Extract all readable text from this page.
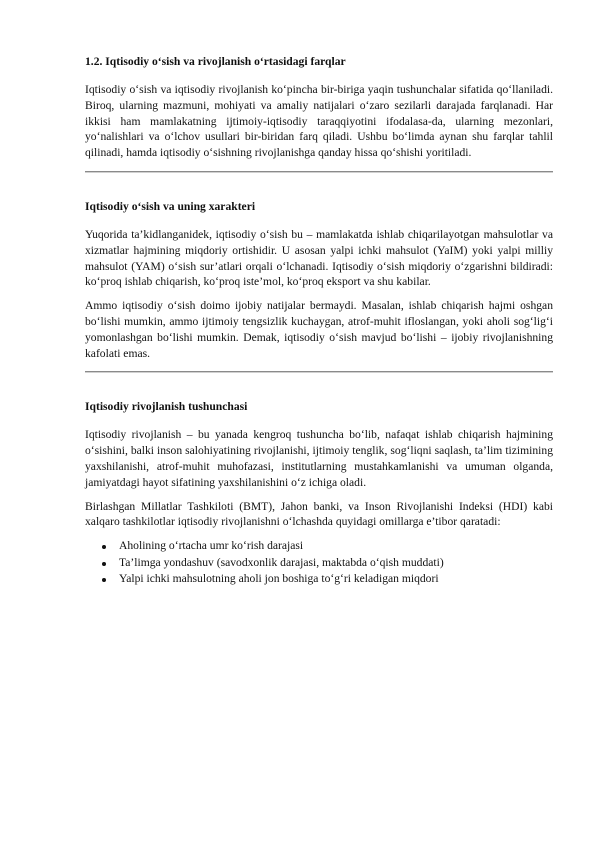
1.2. Iqtisodiy o‘sish va rivojlanish o‘rtasidagi farqlar

Iqtisodiy o‘sish va iqtisodiy rivojlanish ko‘pincha bir-biriga yaqin tushunchalar sifatida qo‘llaniladi. Biroq, ularning mazmuni, mohiyati va amaliy natijalari o‘zaro sezilarli darajada farqlanadi. Har ikkisi ham mamlakatning ijtimoiy-iqtisodiy taraqqiyotini ifodalasa-da, ularning mezonlari, yo‘nalishlari va o‘lchov usullari bir-biridan farq qiladi. Ushbu bo‘limda aynan shu farqlar tahlil qilinadi, hamda iqtisodiy o‘sishning rivojlanishga qanday hissa qo‘shishi yoritiladi.

Iqtisodiy o‘sish va uning xarakteri

Yuqorida ta’kidlanganidek, iqtisodiy o‘sish bu – mamlakatda ishlab chiqarilayotgan mahsulotlar va xizmatlar hajmining miqdoriy ortishidir. U asosan yalpi ichki mahsulot (YaIM) yoki yalpi milliy mahsulot (YAM) o‘sish sur’atlari orqali o‘lchanadi. Iqtisodiy o‘sish miqdoriy o‘zgarishni bildiradi: ko‘proq ishlab chiqarish, ko‘proq iste’mol, ko‘proq eksport va shu kabilar.

Ammo iqtisodiy o‘sish doimo ijobiy natijalar bermaydi. Masalan, ishlab chiqarish hajmi oshgan bo‘lishi mumkin, ammo ijtimoiy tengsizlik kuchaygan, atrof-muhit ifloslangan, yoki aholi sog‘lig‘i yomonlashgan bo‘lishi mumkin. Demak, iqtisodiy o‘sish mavjud bo‘lishi – ijobiy rivojlanishning kafolati emas.

Iqtisodiy rivojlanish tushunchasi

Iqtisodiy rivojlanish – bu yanada kengroq tushuncha bo‘lib, nafaqat ishlab chiqarish hajmining o‘sishini, balki inson salohiyatining rivojlanishi, ijtimoiy tenglik, sog‘liqni saqlash, ta’lim tizimining yaxshilanishi, atrof-muhit muhofazasi, institutlarning mustahkamlanishi va umuman olganda, jamiyatdagi hayot sifatining yaxshilanishini o‘z ichiga oladi.

Birlashgan Millatlar Tashkiloti (BMT), Jahon banki, va Inson Rivojlanishi Indeksi (HDI) kabi xalqaro tashkilotlar iqtisodiy rivojlanishni o‘lchashda quyidagi omillarga e’tibor qaratadi:

Aholining o‘rtacha umr ko‘rish darajasi
Ta’limga yondashuv (savodxonlik darajasi, maktabda o‘qish muddati)
Yalpi ichki mahsulotning aholi jon boshiga to‘g‘ri keladigan miqdori
